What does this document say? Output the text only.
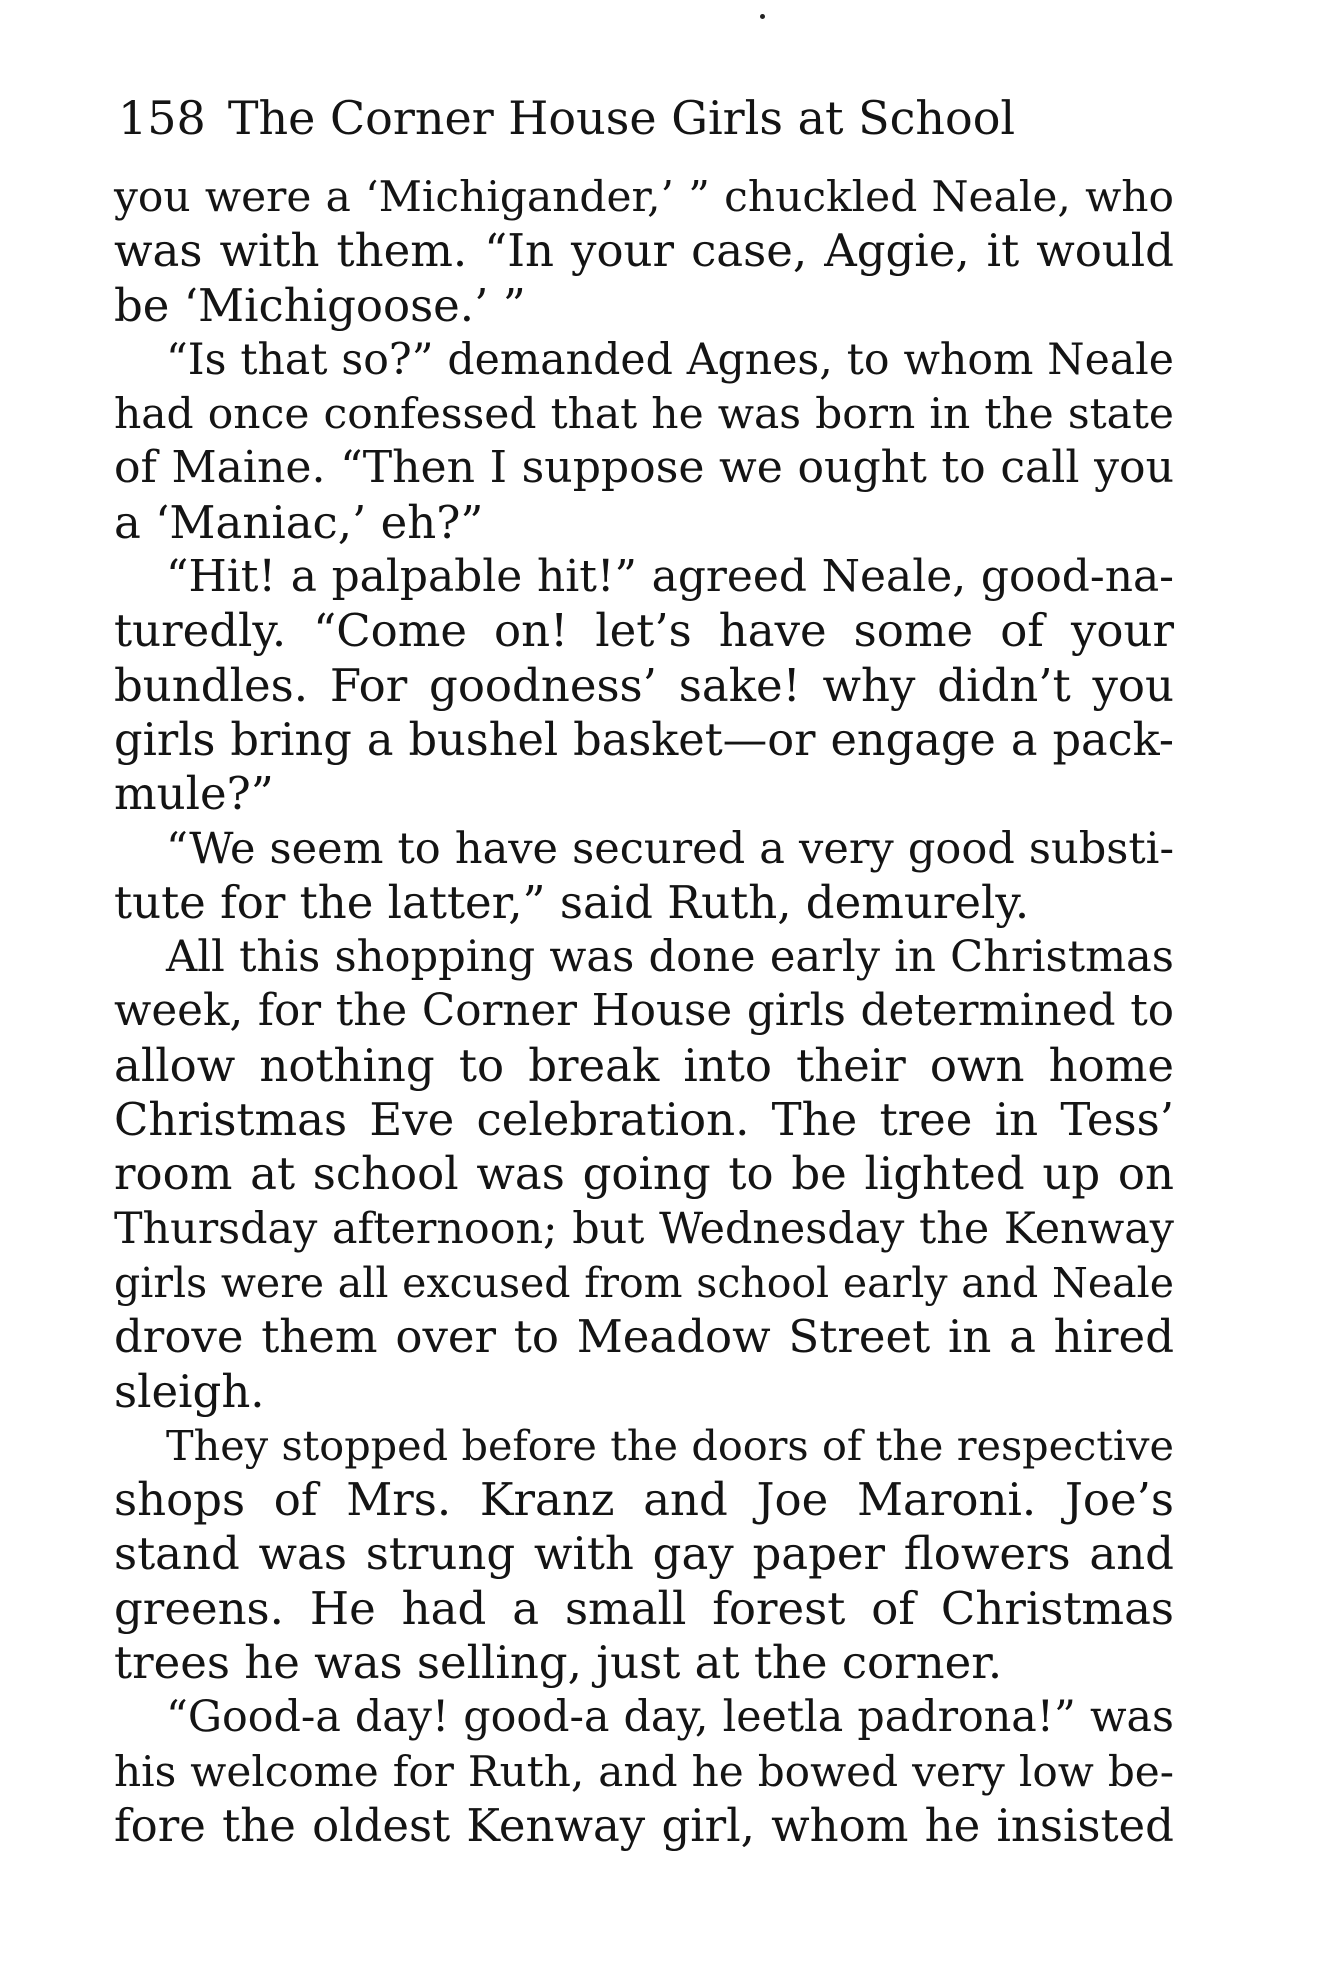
158 The Corner House Girls at School
you were a ‘Michigander,’ ” chuckled Neale, who
was with them. “In your case, Aggie, it would
be ‘Michigoose.’ ”
“Is that so?” demanded Agnes, to whom Neale
had once confessed that he was born in the state
of Maine. “Then I suppose we ought to call you
a ‘Maniac,’ eh?”
“Hit! a palpable hit!” agreed Neale, good-na-
turedly. “Come on! let’s have some of your
bundles. For goodness’ sake! why didn’t you
girls bring a bushel basket—or engage a pack-
mule?”
“We seem to have secured a very good substi-
tute for the latter,” said Ruth, demurely.
All this shopping was done early in Christmas
week, for the Corner House girls determined to
allow nothing to break into their own home
Christmas Eve celebration. The tree in Tess’
room at school was going to be lighted up on
Thursday afternoon; but Wednesday the Kenway
girls were all excused from school early and Neale
drove them over to Meadow Street in a hired
sleigh.
They stopped before the doors of the respective
shops of Mrs. Kranz and Joe Maroni. Joe’s
stand was strung with gay paper flowers and
greens. He had a small forest of Christmas
trees he was selling, just at the corner.
“Good-a day! good-a day, leetla padrona!” was
his welcome for Ruth, and he bowed very low be-
fore the oldest Kenway girl, whom he insisted
